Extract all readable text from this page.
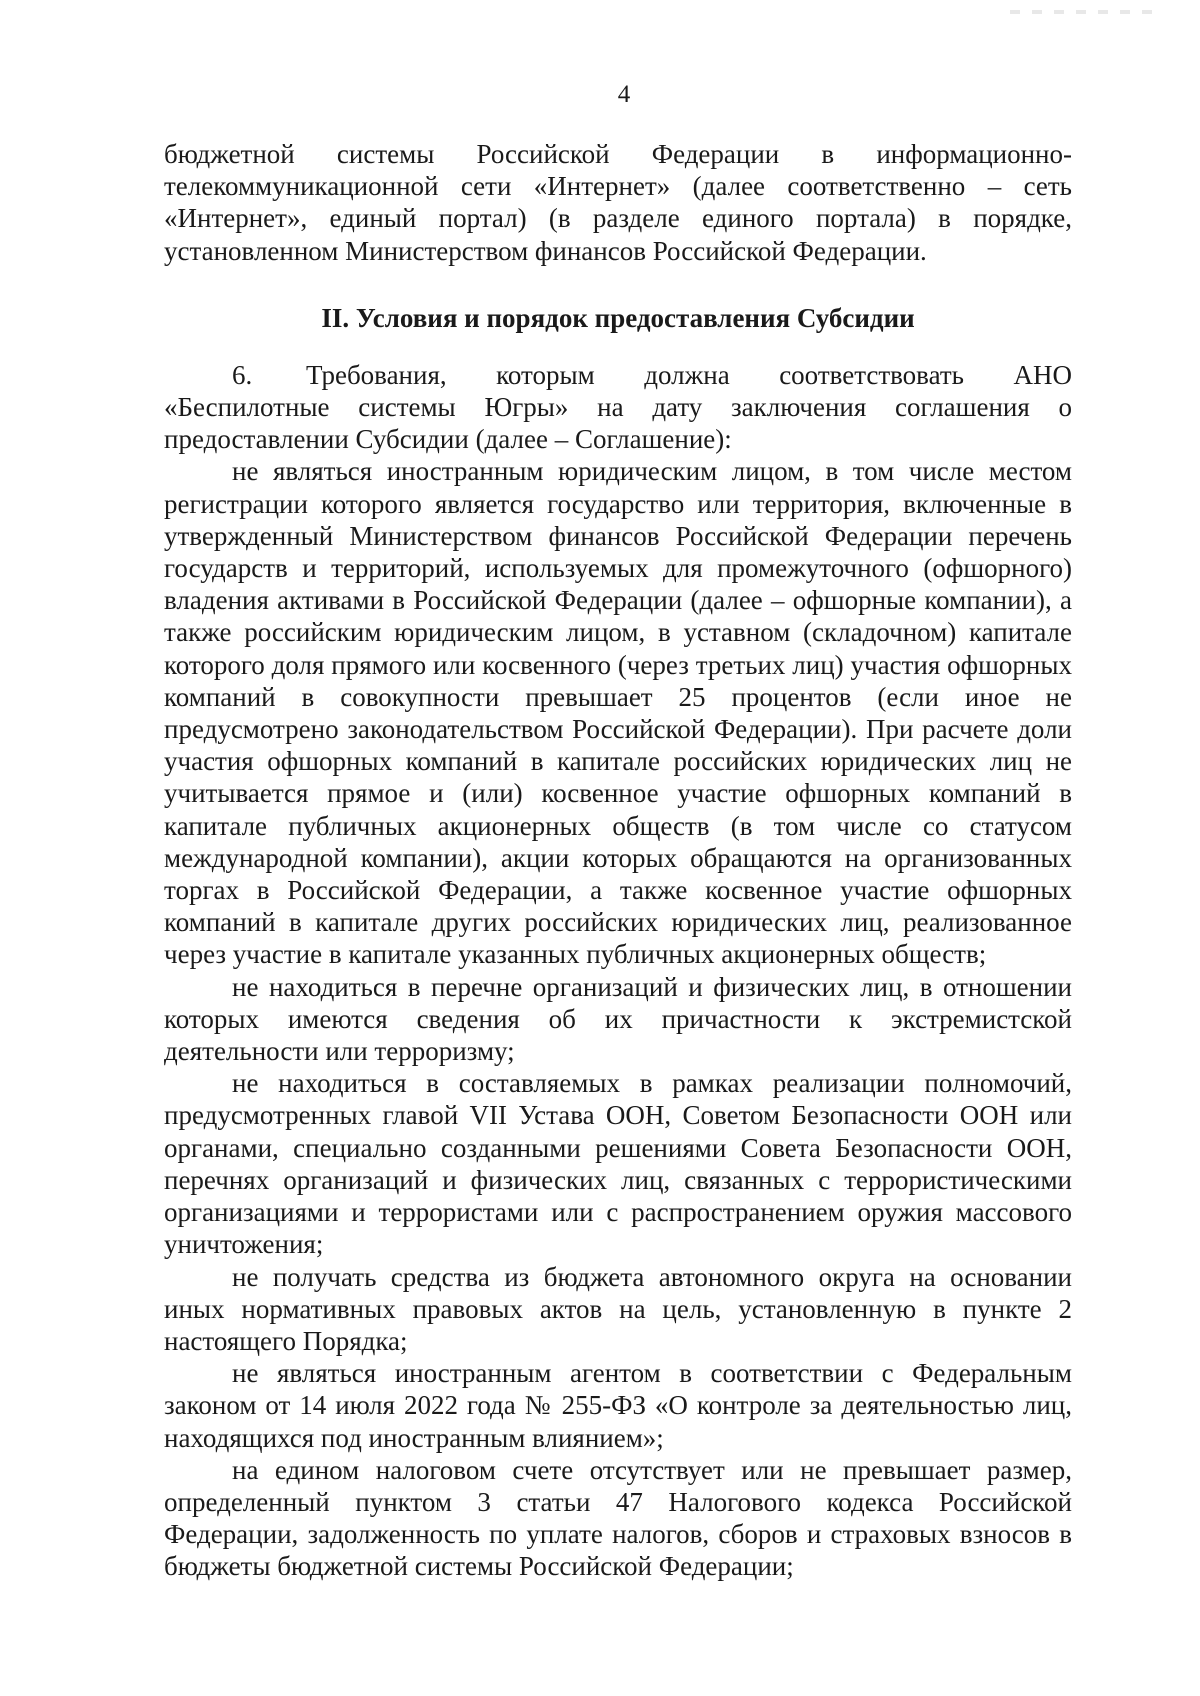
4

бюджетной системы Российской Федерации в информационно-телекоммуникационной сети «Интернет» (далее соответственно – сеть «Интернет», единый портал) (в разделе единого портала) в порядке, установленном Министерством финансов Российской Федерации.

II. Условия и порядок предоставления Субсидии

6. Требования, которым должна соответствовать АНО «Беспилотные системы Югры» на дату заключения соглашения о предоставлении Субсидии (далее – Соглашение):

не являться иностранным юридическим лицом, в том числе местом регистрации которого является государство или территория, включенные в утвержденный Министерством финансов Российской Федерации перечень государств и территорий, используемых для промежуточного (офшорного) владения активами в Российской Федерации (далее – офшорные компании), а также российским юридическим лицом, в уставном (складочном) капитале которого доля прямого или косвенного (через третьих лиц) участия офшорных компаний в совокупности превышает 25 процентов (если иное не предусмотрено законодательством Российской Федерации). При расчете доли участия офшорных компаний в капитале российских юридических лиц не учитывается прямое и (или) косвенное участие офшорных компаний в капитале публичных акционерных обществ (в том числе со статусом международной компании), акции которых обращаются на организованных торгах в Российской Федерации, а также косвенное участие офшорных компаний в капитале других российских юридических лиц, реализованное через участие в капитале указанных публичных акционерных обществ;

не находиться в перечне организаций и физических лиц, в отношении которых имеются сведения об их причастности к экстремистской деятельности или терроризму;

не находиться в составляемых в рамках реализации полномочий, предусмотренных главой VII Устава ООН, Советом Безопасности ООН или органами, специально созданными решениями Совета Безопасности ООН, перечнях организаций и физических лиц, связанных с террористическими организациями и террористами или с распространением оружия массового уничтожения;

не получать средства из бюджета автономного округа на основании иных нормативных правовых актов на цель, установленную в пункте 2 настоящего Порядка;

не являться иностранным агентом в соответствии с Федеральным законом от 14 июля 2022 года № 255-ФЗ «О контроле за деятельностью лиц, находящихся под иностранным влиянием»;

на едином налоговом счете отсутствует или не превышает размер, определенный пунктом 3 статьи 47 Налогового кодекса Российской Федерации, задолженность по уплате налогов, сборов и страховых взносов в бюджеты бюджетной системы Российской Федерации;
